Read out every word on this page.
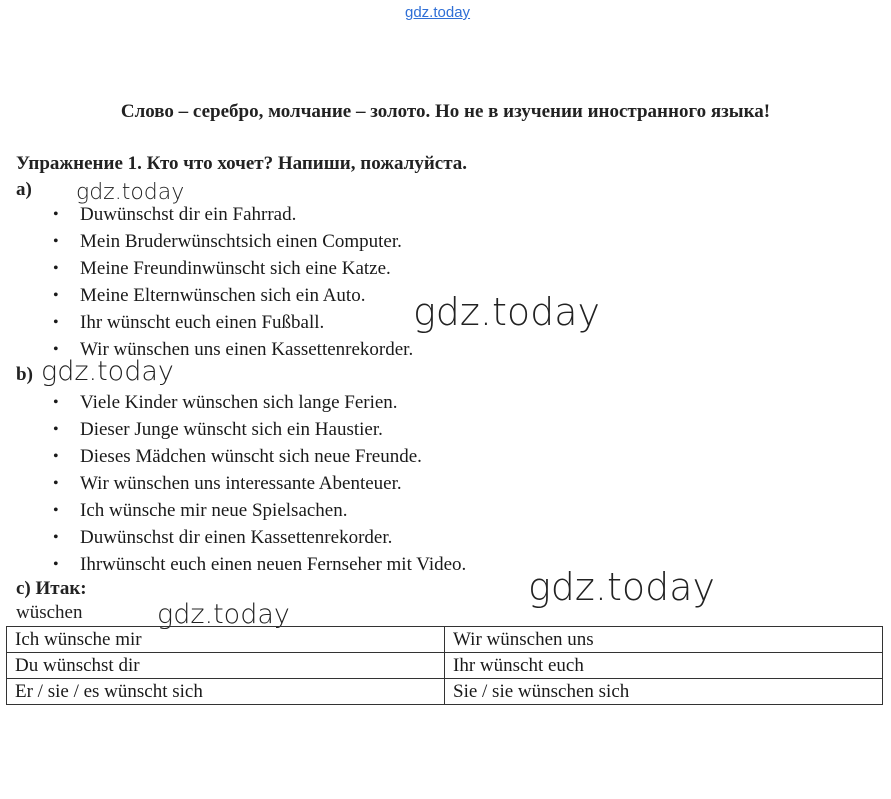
gdz.today
Слово – серебро, молчание – золото. Но не в изучении иностранного языка!
Упражнение 1. Кто что хочет? Напиши, пожалуйста.
a) gdz.today
• Duwünschst dir ein Fahrrad.
• Mein Bruderwünschtsich einen Computer.
• Meine Freundinwünscht sich eine Katze.
• Meine Elternwünschen sich ein Auto.
• Ihr wünscht euch einen Fußball.
• Wir wünschen uns einen Kassettenrekorder.
gdz.today
b) gdz.today
• Viele Kinder wünschen sich lange Ferien.
• Dieser Junge wünscht sich ein Haustier.
• Dieses Mädchen wünscht sich neue Freunde.
• Wir wünschen uns interessante Abenteuer.
• Ich wünsche mir neue Spielsachen.
• Duwünschst dir einen Kassettenrekorder.
• Ihrwünscht euch einen neuen Fernseher mit Video.
c) Итак:	gdz.today
wüschen	gdz.today
Ich wünsche mir	Wir wünschen uns
Du wünschst dir	Ihr wünscht euch
Er / sie / es wünscht sich	Sie / sie wünschen sich
